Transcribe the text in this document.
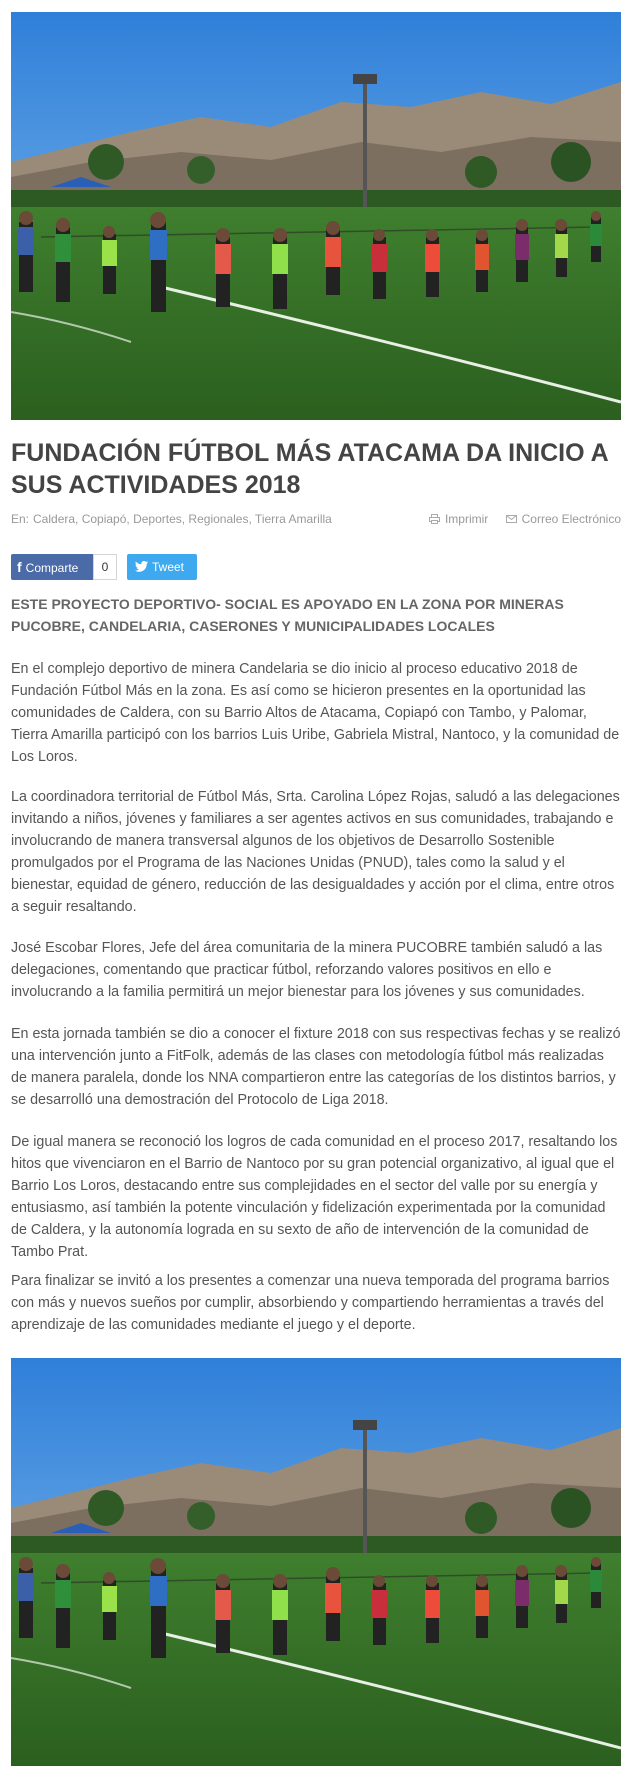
FUNDACIÓN FÚTBOL MÁS ATACAMA DA INICIO A SUS ACTIVIDADES 2018
En: Caldera, Copiapó, Deportes, Regionales, Tierra Amarilla	Imprimir	Correo Electrónico
f Comparte	0	Tweet

ESTE PROYECTO DEPORTIVO- SOCIAL ES APOYADO EN LA ZONA POR MINERAS PUCOBRE, CANDELARIA, CASERONES Y MUNICIPALIDADES LOCALES

En el complejo deportivo de minera Candelaria se dio inicio al proceso educativo 2018 de Fundación Fútbol Más en la zona. Es así como se hicieron presentes en la oportunidad las comunidades de Caldera, con su Barrio Altos de Atacama, Copiapó con Tambo, y Palomar, Tierra Amarilla participó con los barrios Luis Uribe, Gabriela Mistral, Nantoco, y la comunidad de Los Loros.

La coordinadora territorial de Fútbol Más, Srta. Carolina López Rojas, saludó a las delegaciones invitando a niños, jóvenes y familiares a ser agentes activos en sus comunidades, trabajando e involucrando de manera transversal algunos de los objetivos de Desarrollo Sostenible promulgados por el Programa de las Naciones Unidas (PNUD), tales como la salud y el bienestar, equidad de género, reducción de las desigualdades y acción por el clima, entre otros a seguir resaltando.

José Escobar Flores, Jefe del área comunitaria de la minera PUCOBRE también saludó a las delegaciones, comentando que practicar fútbol, reforzando valores positivos en ello e involucrando a la familia permitirá un mejor bienestar para los jóvenes y sus comunidades.

En esta jornada también se dio a conocer el fixture 2018 con sus respectivas fechas y se realizó una intervención junto a FitFolk, además de las clases con metodología fútbol más realizadas de manera paralela, donde los NNA compartieron entre las categorías de los distintos barrios, y se desarrolló una demostración del Protocolo de Liga 2018.

De igual manera se reconoció los logros de cada comunidad en el proceso 2017, resaltando los hitos que vivenciaron en el Barrio de Nantoco por su gran potencial organizativo, al igual que el Barrio Los Loros, destacando entre sus complejidades en el sector del valle por su energía y entusiasmo, así también la potente vinculación y fidelización experimentada por la comunidad de Caldera, y la autonomía lograda en su sexto de año de intervención de la comunidad de Tambo Prat.

Para finalizar se invitó a los presentes a comenzar una nueva temporada del programa barrios con más y nuevos sueños por cumplir, absorbiendo y compartiendo herramientas a través del aprendizaje de las comunidades mediante el juego y el deporte.
